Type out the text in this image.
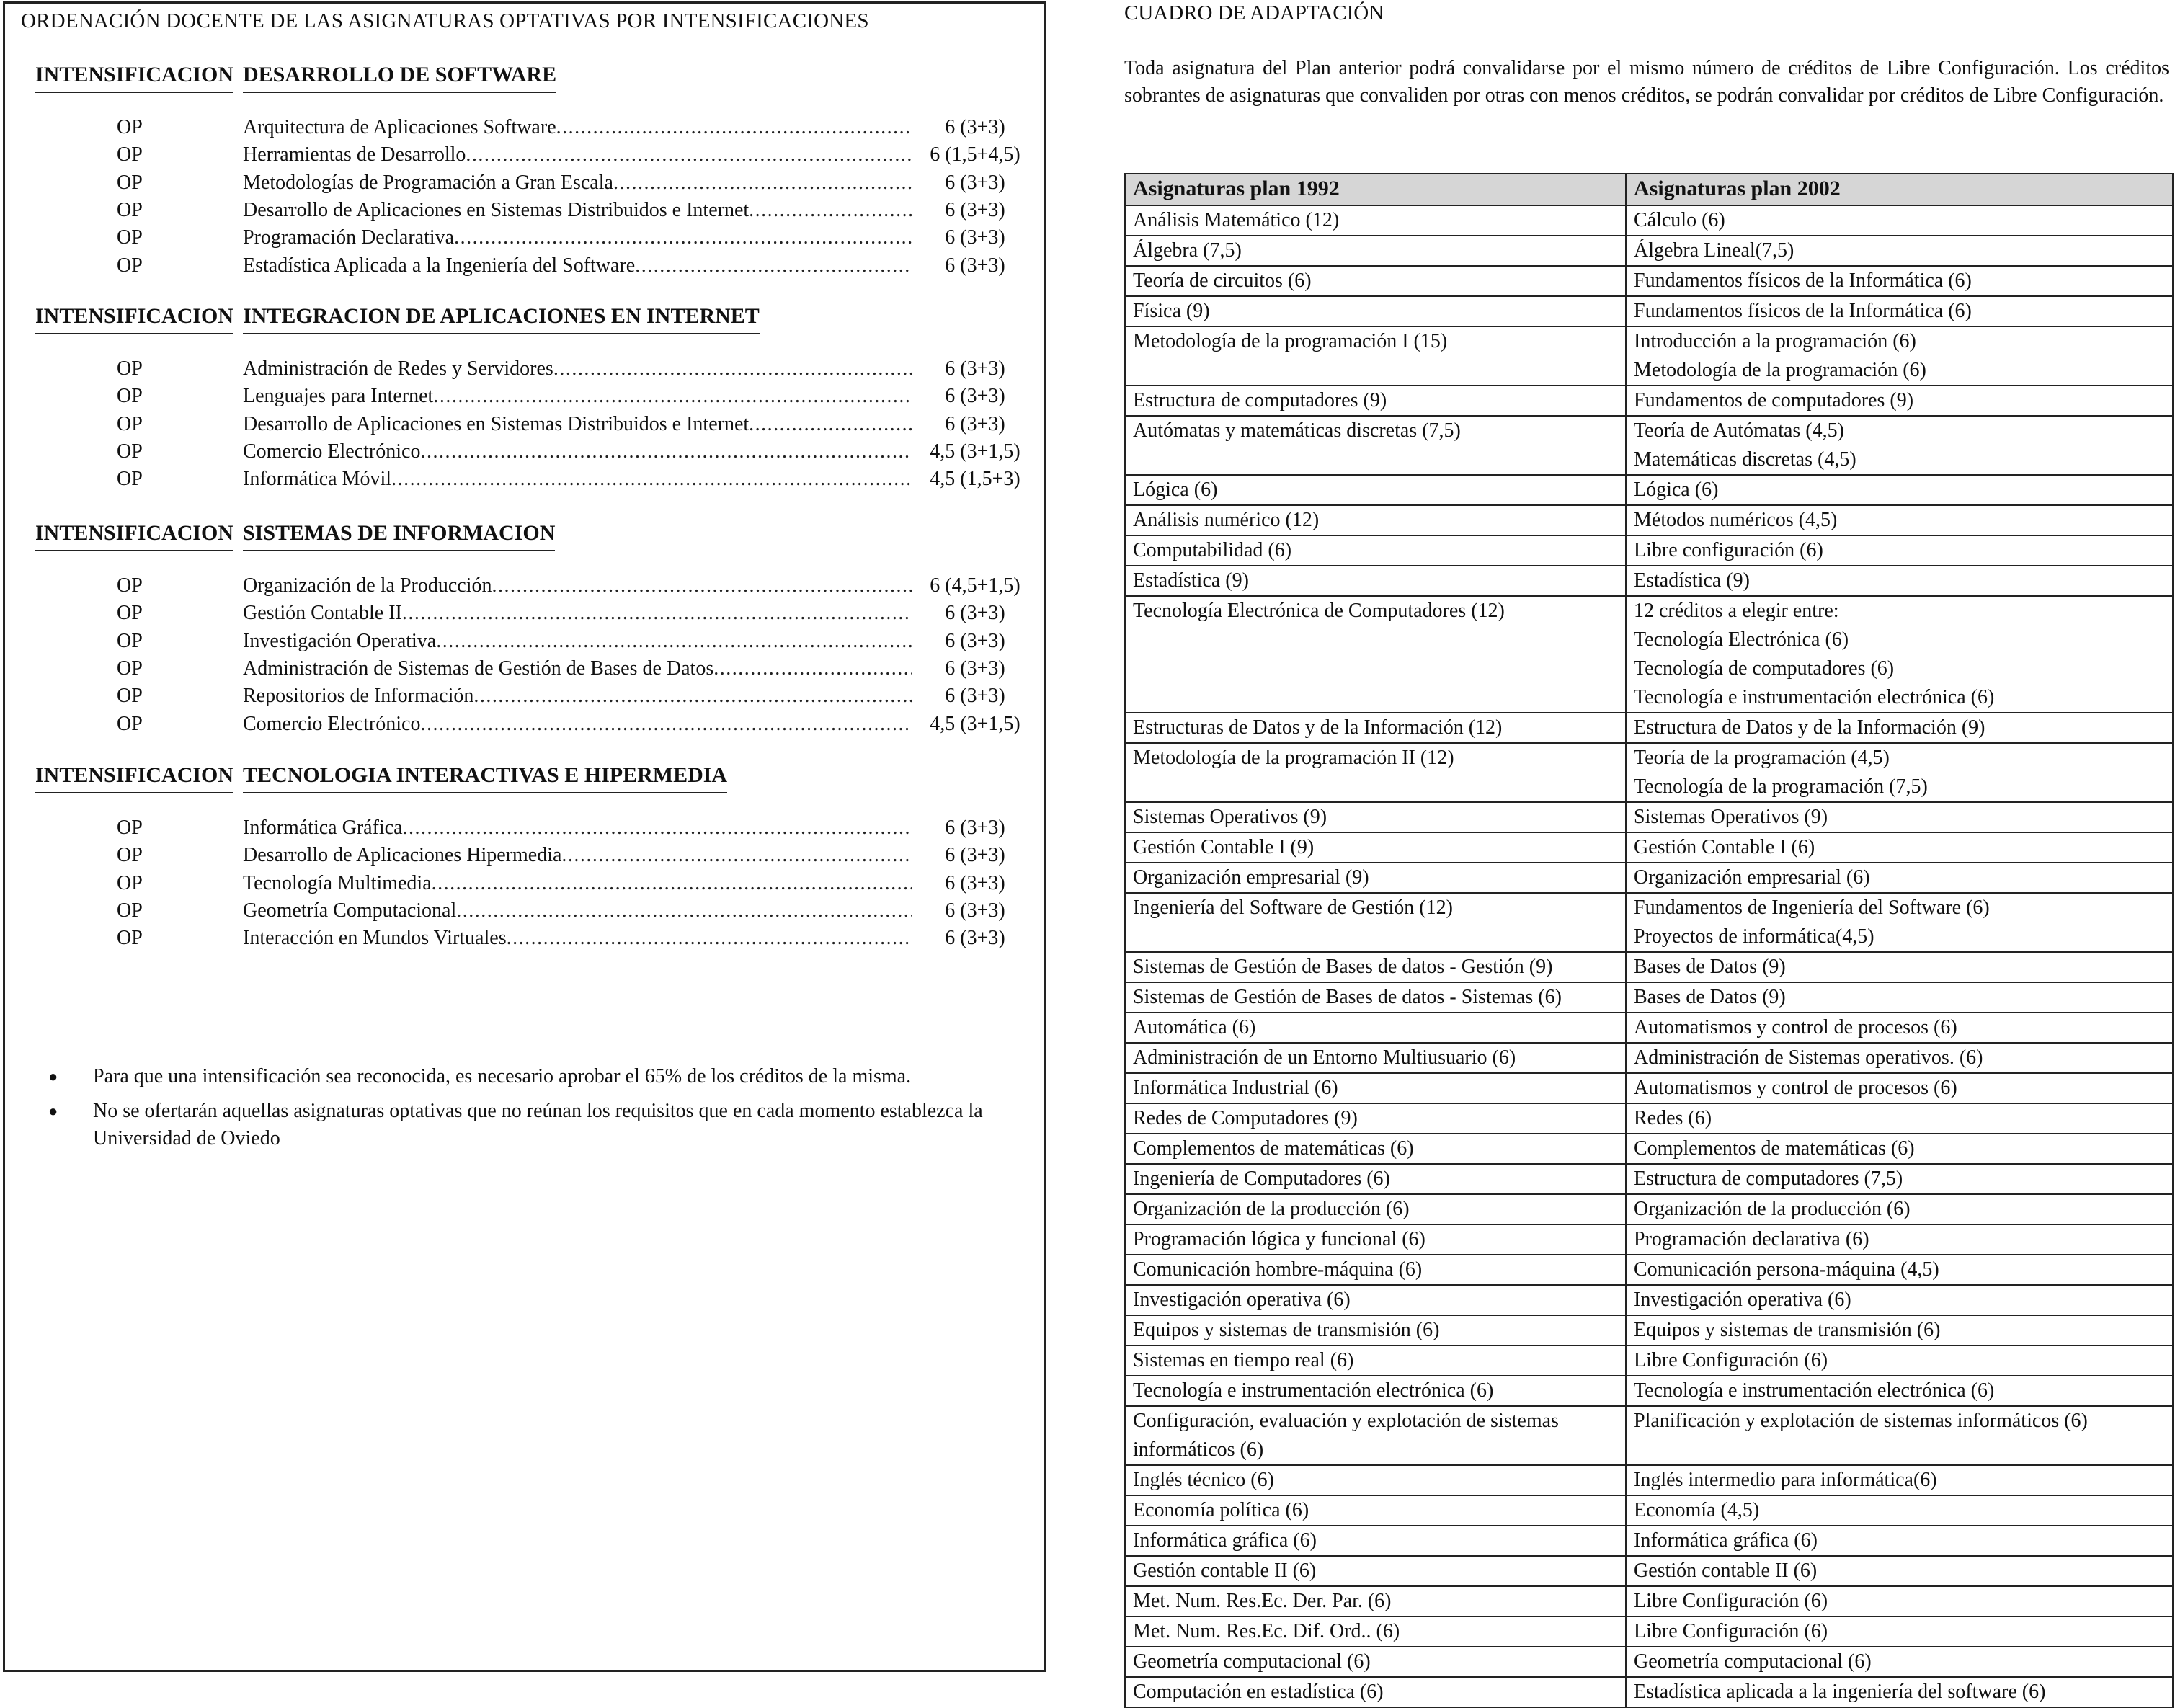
ORDENACIÓN DOCENTE DE LAS ASIGNATURAS OPTATIVAS POR INTENSIFICACIONES
INTENSIFICACION DESARROLLO DE SOFTWARE
OP	Arquitectura de Aplicaciones Software .....	6 (3+3)
OP	Herramientas de Desarrollo .....	6 (1,5+4,5)
OP	Metodologías de Programación a Gran Escala .....	6 (3+3)
OP	Desarrollo de Aplicaciones en Sistemas Distribuidos e Internet .....	6 (3+3)
OP	Programación Declarativa .....	6 (3+3)
OP	Estadística Aplicada a la Ingeniería del Software .....	6 (3+3)
INTENSIFICACION INTEGRACION DE APLICACIONES EN INTERNET
OP	Administración de Redes y Servidores .....	6 (3+3)
OP	Lenguajes para Internet .....	6 (3+3)
OP	Desarrollo de Aplicaciones en Sistemas Distribuidos e Internet .....	6 (3+3)
OP	Comercio Electrónico .....	4,5 (3+1,5)
OP	Informática Móvil .....	4,5 (1,5+3)
INTENSIFICACION SISTEMAS DE INFORMACION
OP	Organización de la Producción .....	6 (4,5+1,5)
OP	Gestión Contable II .....	6 (3+3)
OP	Investigación Operativa .....	6 (3+3)
OP	Administración de Sistemas de Gestión de Bases de Datos .....	6 (3+3)
OP	Repositorios de Información .....	6 (3+3)
OP	Comercio Electrónico .....	4,5 (3+1,5)
INTENSIFICACION TECNOLOGIA INTERACTIVAS E HIPERMEDIA
OP	Informática Gráfica .....	6 (3+3)
OP	Desarrollo de Aplicaciones Hipermedia .....	6 (3+3)
OP	Tecnología Multimedia .....	6 (3+3)
OP	Geometría Computacional .....	6 (3+3)
OP	Interacción en Mundos Virtuales .....	6 (3+3)
●	Para que una intensificación sea reconocida, es necesario aprobar el 65% de los créditos de la misma.
●	No se ofertarán aquellas asignaturas optativas que no reúnan los requisitos que en cada momento establezca la Universidad de Oviedo
CUADRO DE ADAPTACIÓN

Toda asignatura del Plan anterior podrá convalidarse por el mismo número de créditos de Libre Configuración. Los créditos sobrantes de asignaturas que convaliden por otras con menos créditos, se podrán convalidar por créditos de Libre Configuración.

Asignaturas plan 1992	Asignaturas plan 2002

Análisis Matemático (12)	Cálculo (6)

Álgebra (7,5)	Álgebra Lineal(7,5)

Teoría de circuitos (6)	Fundamentos físicos de la Informática (6)

Física (9)	Fundamentos físicos de la Informática (6)

Metodología de la programación I (15)	Introducción a la programación (6)
Metodología de la programación (6)

Estructura de computadores (9)	Fundamentos de computadores (9)

Autómatas y matemáticas discretas (7,5)	Teoría de Autómatas (4,5)
Matemáticas discretas (4,5)

Lógica (6)	Lógica (6)

Análisis numérico (12)	Métodos numéricos (4,5)

Computabilidad (6)	Libre configuración (6)

Estadística (9)	Estadística (9)

Tecnología Electrónica de Computadores (12)	12 créditos a elegir entre:
Tecnología Electrónica (6)
Tecnología de computadores (6)
Tecnología e instrumentación electrónica (6)

Estructuras de Datos y de la Información (12)	Estructura de Datos y de la Información (9)

Metodología de la programación II (12)	Teoría de la programación (4,5)
Tecnología de la programación (7,5)

Sistemas Operativos (9)	Sistemas Operativos (9)

Gestión Contable I (9)	Gestión Contable I (6)

Organización empresarial (9)	Organización empresarial (6)

Ingeniería del Software de Gestión (12)	Fundamentos de Ingeniería del Software (6)
Proyectos de informática(4,5)

Sistemas de Gestión de Bases de datos - Gestión (9)	Bases de Datos (9)

Sistemas de Gestión de Bases de datos - Sistemas (6)	Bases de Datos (9)

Automática (6)	Automatismos y control de procesos (6)

Administración de un Entorno Multiusuario (6)	Administración de Sistemas operativos. (6)

Informática Industrial (6)	Automatismos y control de procesos (6)

Redes de Computadores (9)	Redes (6)

Complementos de matemáticas (6)	Complementos de matemáticas (6)

Ingeniería de Computadores (6)	Estructura de computadores (7,5)

Organización de la producción (6)	Organización de la producción (6)

Programación lógica y funcional (6)	Programación declarativa (6)

Comunicación hombre-máquina (6)	Comunicación persona-máquina (4,5)

Investigación operativa (6)	Investigación operativa (6)

Equipos y sistemas de transmisión (6)	Equipos y sistemas de transmisión (6)

Sistemas en tiempo real (6)	Libre Configuración (6)

Tecnología e instrumentación electrónica (6)	Tecnología e instrumentación electrónica (6)

Configuración, evaluación y explotación de sistemas
informáticos (6)	Planificación y explotación de sistemas informáticos (6)

Inglés técnico (6)	Inglés intermedio para informática(6)

Economía política (6)	Economía (4,5)

Informática gráfica (6)	Informática gráfica (6)

Gestión contable II (6)	Gestión contable II (6)

Met. Num. Res.Ec. Der. Par. (6)	Libre Configuración (6)

Met. Num. Res.Ec. Dif. Ord.. (6)	Libre Configuración (6)

Geometría computacional (6)	Geometría computacional (6)

Computación en estadística (6)	Estadística aplicada a la ingeniería del software (6)
